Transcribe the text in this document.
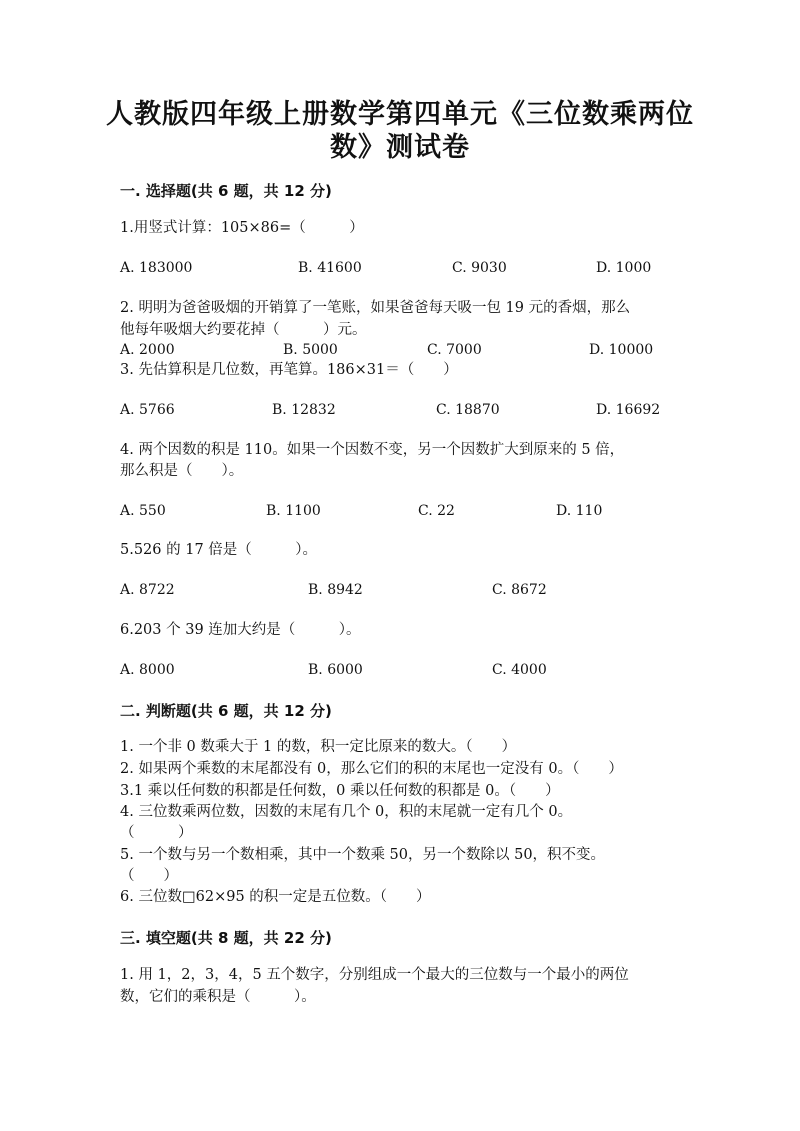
人教版四年级上册数学第四单元《三位数乘两位
数》测试卷
一. 选择题(共 6 题，共 12 分)
1.用竖式计算：105×86=（　　　）
A. 183000	B. 41600	C. 9030	D. 1000
2. 明明为爸爸吸烟的开销算了一笔账，如果爸爸每天吸一包 19 元的香烟，那么
他每年吸烟大约要花掉（　　　）元。
A. 2000	B. 5000	C. 7000	D. 10000
3. 先估算积是几位数，再笔算。186×31＝（　　）
A. 5766	B. 12832	C. 18870	D. 16692
4. 两个因数的积是 110。如果一个因数不变，另一个因数扩大到原来的 5 倍，
那么积是（　　）。
A. 550	B. 1100	C. 22	D. 110
5.526 的 17 倍是（　　　）。
A. 8722	B. 8942	C. 8672
6.203 个 39 连加大约是（　　　）。
A. 8000	B. 6000	C. 4000
二. 判断题(共 6 题，共 12 分)
1. 一个非 0 数乘大于 1 的数，积一定比原来的数大。（　　）
2. 如果两个乘数的末尾都没有 0，那么它们的积的末尾也一定没有 0。（　　）
3.1 乘以任何数的积都是任何数，0 乘以任何数的积都是 0。（　　）
4. 三位数乘两位数，因数的末尾有几个 0，积的末尾就一定有几个 0。
（　　　）
5. 一个数与另一个数相乘，其中一个数乘 50，另一个数除以 50，积不变。
（　　）
6. 三位数□62×95 的积一定是五位数。（　　）
三. 填空题(共 8 题，共 22 分)
1. 用 1，2，3，4，5 五个数字，分别组成一个最大的三位数与一个最小的两位
数，它们的乘积是（　　　）。
